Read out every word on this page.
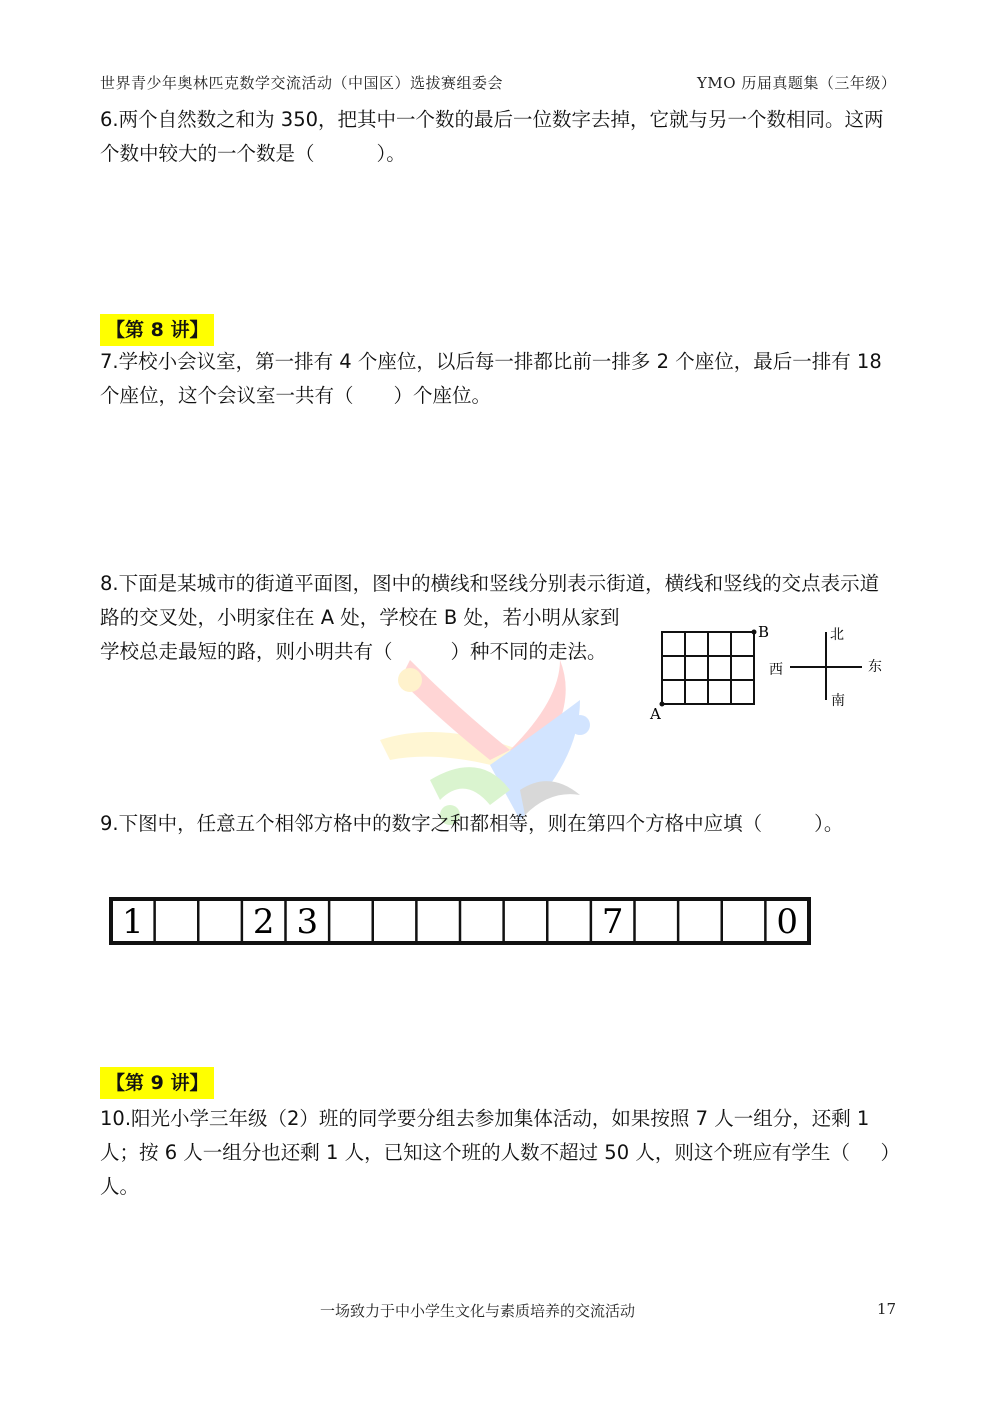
世界青少年奥林匹克数学交流活动（中国区）选拔赛组委会	YMO 历届真题集（三年级）
6.两个自然数之和为 350，把其中一个数的最后一位数字去掉，它就与另一个数相同。这两
个数中较大的一个数是（	）。
【第 8 讲】
7.学校小会议室，第一排有 4 个座位，以后每一排都比前一排多 2 个座位，最后一排有 18
个座位，这个会议室一共有（ ）个座位。
8.下面是某城市的街道平面图，图中的横线和竖线分别表示街道，横线和竖线的交点表示道
路的交叉处，小明家住在 A 处，学校在 B 处，若小明从家到
学校总走最短的路，则小明共有（	）种不同的走法。
A
B	北
南
东
西
9.下图中，任意五个相邻方格中的数字之和都相等，则在第四个方格中应填（	）。
1	2 3	7	0
【第 9 讲】
10.阳光小学三年级（2）班的同学要分组去参加集体活动，如果按照 7 人一组分，还剩 1
人；按 6 人一组分也还剩 1 人，已知这个班的人数不超过 50 人，则这个班应有学生（ ）
人。
一场致力于中小学生文化与素质培养的交流活动	17
